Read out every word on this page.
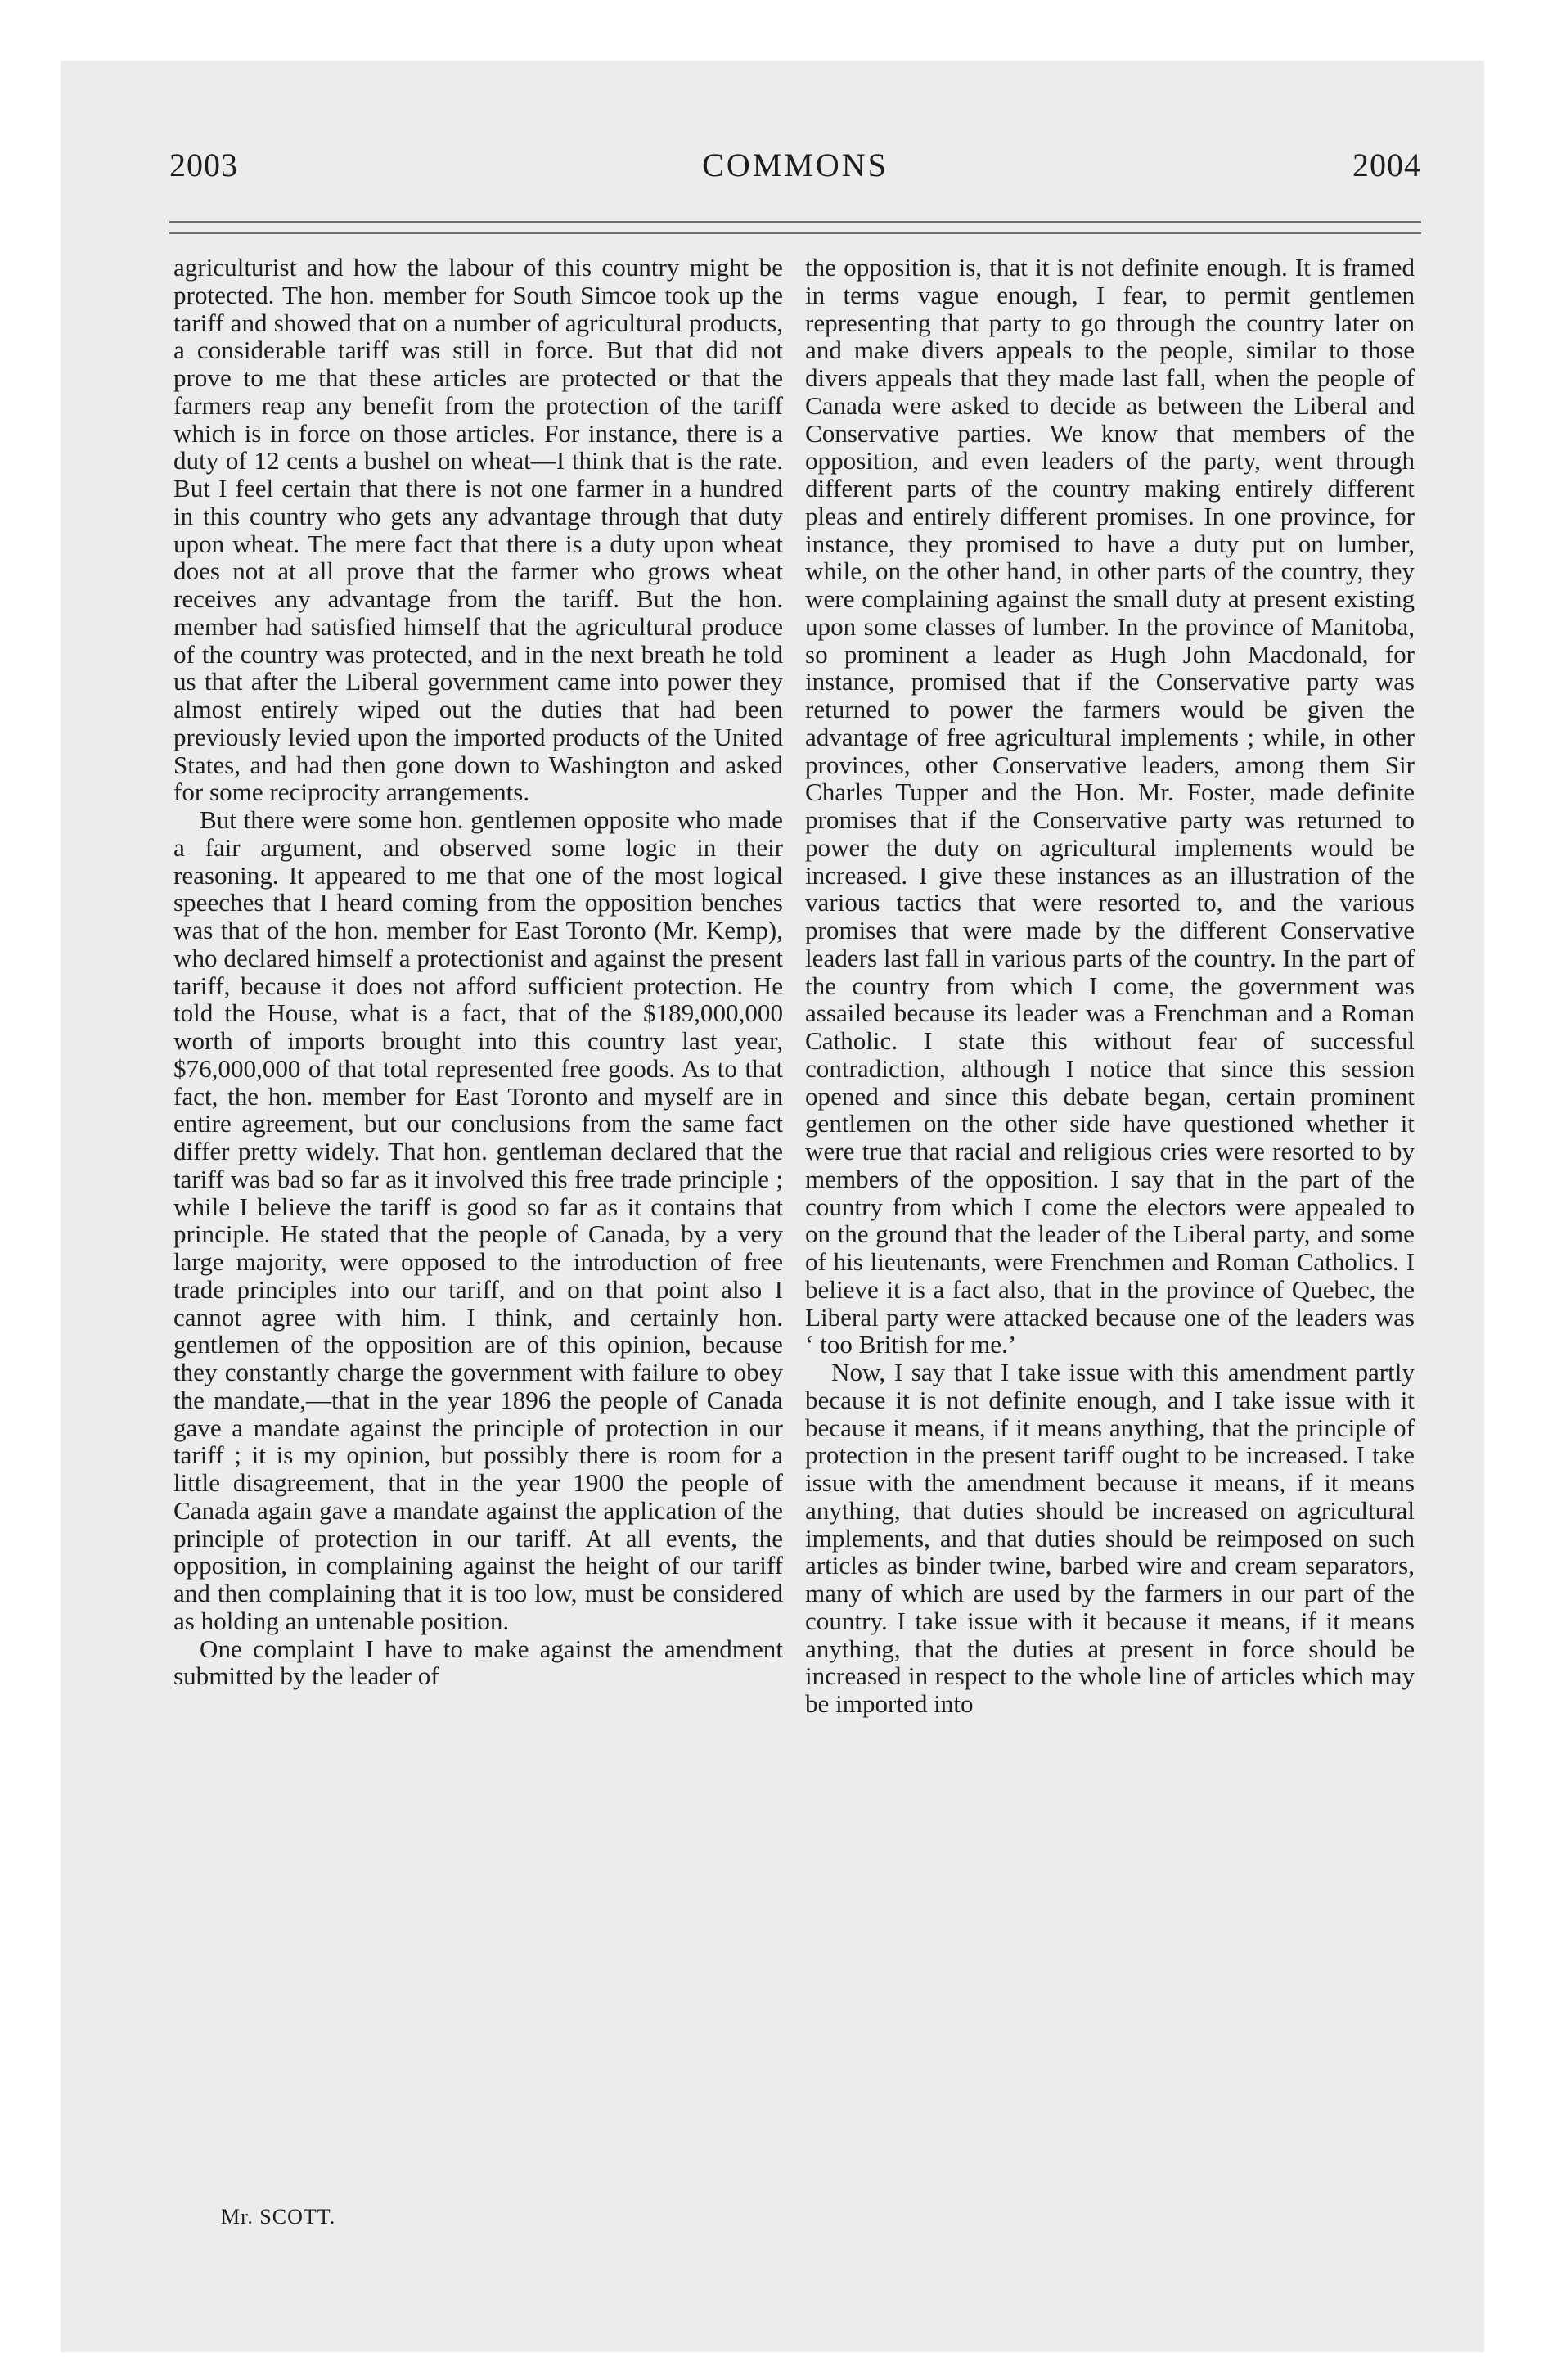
2003	COMMONS	2004

agriculturist and how the labour of this country might be protected. The hon. member for South Simcoe took up the tariff and showed that on a number of agricultural products, a considerable tariff was still in force. But that did not prove to me that these articles are protected or that the farmers reap any benefit from the protection of the tariff which is in force on those articles. For instance, there is a duty of 12 cents a bushel on wheat—I think that is the rate. But I feel certain that there is not one farmer in a hundred in this country who gets any advantage through that duty upon wheat. The mere fact that there is a duty upon wheat does not at all prove that the farmer who grows wheat receives any advantage from the tariff. But the hon. member had satisfied himself that the agricultural produce of the country was protected, and in the next breath he told us that after the Liberal government came into power they almost entirely wiped out the duties that had been previously levied upon the imported products of the United States, and had then gone down to Washington and asked for some reciprocity arrangements.

But there were some hon. gentlemen opposite who made a fair argument, and observed some logic in their reasoning. It appeared to me that one of the most logical speeches that I heard coming from the opposition benches was that of the hon. member for East Toronto (Mr. Kemp), who declared himself a protectionist and against the present tariff, because it does not afford sufficient protection. He told the House, what is a fact, that of the $189,000,000 worth of imports brought into this country last year, $76,000,000 of that total represented free goods. As to that fact, the hon. member for East Toronto and myself are in entire agreement, but our conclusions from the same fact differ pretty widely. That hon. gentleman declared that the tariff was bad so far as it involved this free trade principle ; while I believe the tariff is good so far as it contains that principle. He stated that the people of Canada, by a very large majority, were opposed to the introduction of free trade principles into our tariff, and on that point also I cannot agree with him. I think, and certainly hon. gentlemen of the opposition are of this opinion, because they constantly charge the government with failure to obey the mandate,—that in the year 1896 the people of Canada gave a mandate against the principle of protection in our tariff ; it is my opinion, but possibly there is room for a little disagreement, that in the year 1900 the people of Canada again gave a mandate against the application of the principle of protection in our tariff. At all events, the opposition, in complaining against the height of our tariff and then complaining that it is too low, must be considered as holding an untenable position.

One complaint I have to make against the amendment submitted by the leader of

the opposition is, that it is not definite enough. It is framed in terms vague enough, I fear, to permit gentlemen representing that party to go through the country later on and make divers appeals to the people, similar to those divers appeals that they made last fall, when the people of Canada were asked to decide as between the Liberal and Conservative parties. We know that members of the opposition, and even leaders of the party, went through different parts of the country making entirely different pleas and entirely different promises. In one province, for instance, they promised to have a duty put on lumber, while, on the other hand, in other parts of the country, they were complaining against the small duty at present existing upon some classes of lumber. In the province of Manitoba, so prominent a leader as Hugh John Macdonald, for instance, promised that if the Conservative party was returned to power the farmers would be given the advantage of free agricultural implements ; while, in other provinces, other Conservative leaders, among them Sir Charles Tupper and the Hon. Mr. Foster, made definite promises that if the Conservative party was returned to power the duty on agricultural implements would be increased. I give these instances as an illustration of the various tactics that were resorted to, and the various promises that were made by the different Conservative leaders last fall in various parts of the country. In the part of the country from which I come, the government was assailed because its leader was a Frenchman and a Roman Catholic. I state this without fear of successful contradiction, although I notice that since this session opened and since this debate began, certain prominent gentlemen on the other side have questioned whether it were true that racial and religious cries were resorted to by members of the opposition. I say that in the part of the country from which I come the electors were appealed to on the ground that the leader of the Liberal party, and some of his lieutenants, were Frenchmen and Roman Catholics. I believe it is a fact also, that in the province of Quebec, the Liberal party were attacked because one of the leaders was ‘ too British for me.’

Now, I say that I take issue with this amendment partly because it is not definite enough, and I take issue with it because it means, if it means anything, that the principle of protection in the present tariff ought to be increased. I take issue with the amendment because it means, if it means anything, that duties should be increased on agricultural implements, and that duties should be reimposed on such articles as binder twine, barbed wire and cream separators, many of which are used by the farmers in our part of the country. I take issue with it because it means, if it means anything, that the duties at present in force should be increased in respect to the whole line of articles which may be imported into

Mr. SCOTT.
